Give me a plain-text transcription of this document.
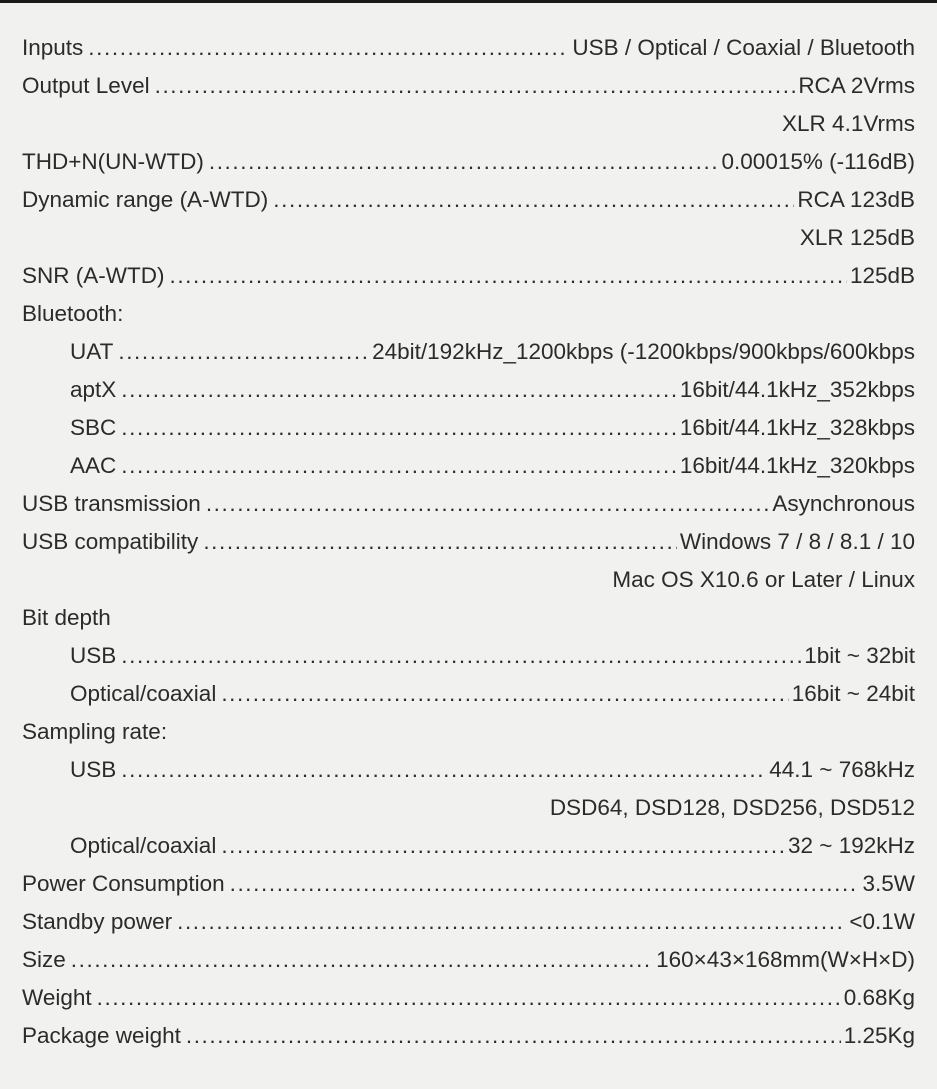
Inputs .....	USB / Optical / Coaxial / Bluetooth
Output Level .....	RCA 2Vrms
XLR 4.1Vrms
THD+N(UN-WTD) .....	0.00015% (-116dB)
Dynamic range (A-WTD) .....	RCA 123dB
XLR 125dB
SNR (A-WTD) .....	125dB
Bluetooth:
UAT .....	24bit/192kHz_1200kbps (-1200kbps/900kbps/600kbps
aptX .....	16bit/44.1kHz_352kbps
SBC .....	16bit/44.1kHz_328kbps
AAC .....	16bit/44.1kHz_320kbps
USB transmission .....	Asynchronous
USB compatibility .....	Windows 7 / 8 / 8.1 / 10
Mac OS X10.6 or Later / Linux
Bit depth
USB .....	1bit ~ 32bit
Optical/coaxial .....	16bit ~ 24bit
Sampling rate:
USB .....	44.1 ~ 768kHz
DSD64, DSD128, DSD256, DSD512
Optical/coaxial .....	32 ~ 192kHz
Power Consumption .....	3.5W
Standby power .....	<0.1W
Size .....	160×43×168mm(W×H×D)
Weight .....	0.68Kg
Package weight .....	1.25Kg
